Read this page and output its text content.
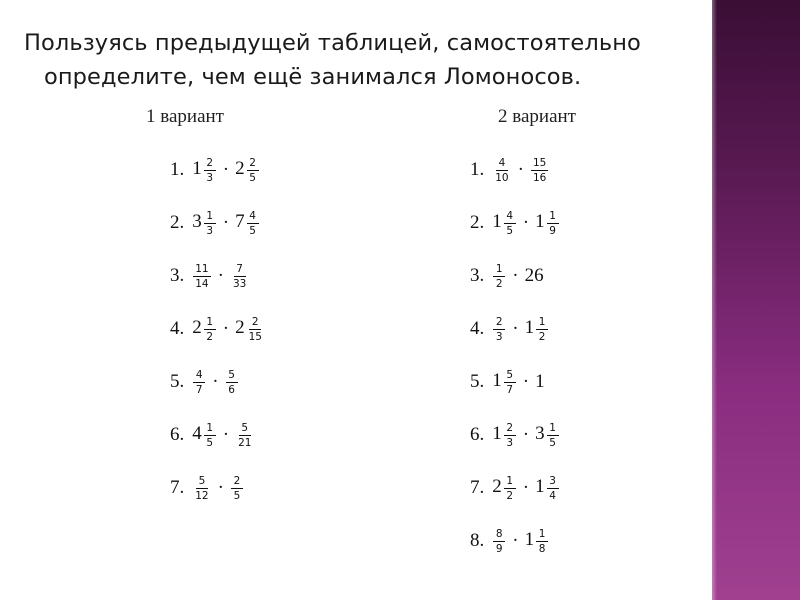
Пользуясь предыдущей таблицей, самостоятельно
определите, чем ещё занимался Ломоносов.
1 вариант	2 вариант
1. $1 \frac{2}{3} \cdot 2 \frac{2}{5}$
2. $3 \frac{1}{3} \cdot 7 \frac{4}{5}$
3. $\frac{11}{14} \cdot \frac{7}{33}$
4. $2 \frac{1}{2} \cdot 2 \frac{2}{15}$
5. $\frac{4}{7} \cdot \frac{5}{6}$
6. $4 \frac{1}{5} \cdot \frac{5}{21}$
7. $\frac{5}{12} \cdot \frac{2}{5}$
1. $\frac{4}{10} \cdot \frac{15}{16}$
2. $1 \frac{4}{5} \cdot 1 \frac{1}{9}$
3. $\frac{1}{2} \cdot 26$
4. $\frac{2}{3} \cdot 1 \frac{1}{2}$
5. $1 \frac{5}{7} \cdot 1$
6. $1 \frac{2}{3} \cdot 3 \frac{1}{5}$
7. $2 \frac{1}{2} \cdot 1 \frac{3}{4}$
8. $\frac{8}{9} \cdot 1 \frac{1}{8}$
